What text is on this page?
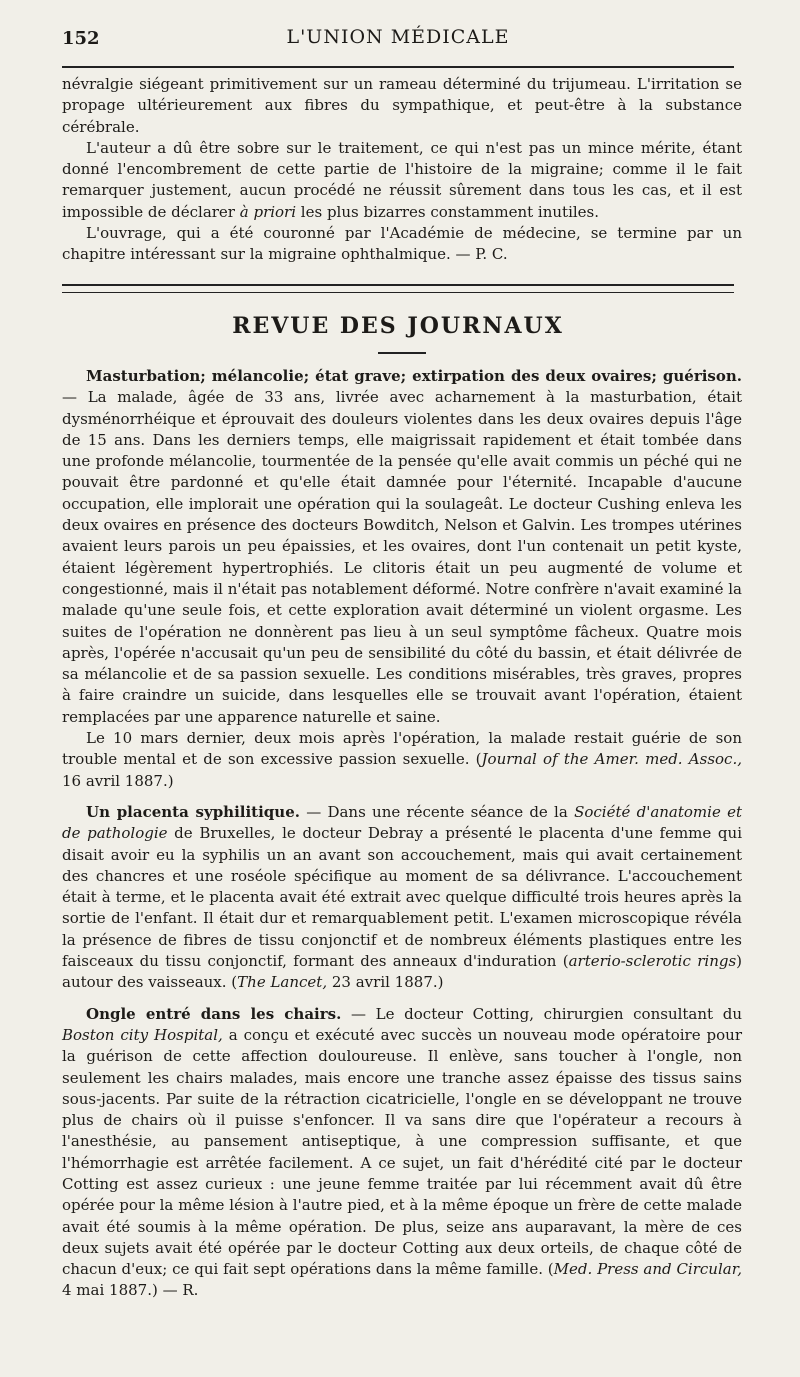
152	L'UNION MÉDICALE

névralgie siégeant primitivement sur un rameau déterminé du trijumeau. L'irritation se propage ultérieurement aux fibres du sympathique, et peut-être à la substance cérébrale.

L'auteur a dû être sobre sur le traitement, ce qui n'est pas un mince mérite, étant donné l'encombrement de cette partie de l'histoire de la migraine; comme il le fait remarquer justement, aucun procédé ne réussit sûrement dans tous les cas, et il est impossible de déclarer à priori les plus bizarres constamment inutiles.

L'ouvrage, qui a été couronné par l'Académie de médecine, se termine par un chapitre intéressant sur la migraine ophthalmique. — P. C.

REVUE DES JOURNAUX

Masturbation; mélancolie; état grave; extirpation des deux ovaires; guérison. — La malade, âgée de 33 ans, livrée avec acharnement à la masturbation, était dysménorrhéique et éprouvait des douleurs violentes dans les deux ovaires depuis l'âge de 15 ans. Dans les derniers temps, elle maigrissait rapidement et était tombée dans une profonde mélancolie, tourmentée de la pensée qu'elle avait commis un péché qui ne pouvait être pardonné et qu'elle était damnée pour l'éternité. Incapable d'aucune occupation, elle implorait une opération qui la soulageât. Le docteur Cushing enleva les deux ovaires en présence des docteurs Bowditch, Nelson et Galvin. Les trompes utérines avaient leurs parois un peu épaissies, et les ovaires, dont l'un contenait un petit kyste, étaient légèrement hypertrophiés. Le clitoris était un peu augmenté de volume et congestionné, mais il n'était pas notablement déformé. Notre confrère n'avait examiné la malade qu'une seule fois, et cette exploration avait déterminé un violent orgasme. Les suites de l'opération ne donnèrent pas lieu à un seul symptôme fâcheux. Quatre mois après, l'opérée n'accusait qu'un peu de sensibilité du côté du bassin, et était délivrée de sa mélancolie et de sa passion sexuelle. Les conditions misérables, très graves, propres à faire craindre un suicide, dans lesquelles elle se trouvait avant l'opération, étaient remplacées par une apparence naturelle et saine.

Le 10 mars dernier, deux mois après l'opération, la malade restait guérie de son trouble mental et de son excessive passion sexuelle. (Journal of the Amer. med. Assoc., 16 avril 1887.)

Un placenta syphilitique. — Dans une récente séance de la Société d'anatomie et de pathologie de Bruxelles, le docteur Debray a présenté le placenta d'une femme qui disait avoir eu la syphilis un an avant son accouchement, mais qui avait certainement des chancres et une roséole spécifique au moment de sa délivrance. L'accouchement était à terme, et le placenta avait été extrait avec quelque difficulté trois heures après la sortie de l'enfant. Il était dur et remarquablement petit. L'examen microscopique révéla la présence de fibres de tissu conjonctif et de nombreux éléments plastiques entre les faisceaux du tissu conjonctif, formant des anneaux d'induration (arterio-sclerotic rings) autour des vaisseaux. (The Lancet, 23 avril 1887.)

Ongle entré dans les chairs. — Le docteur Cotting, chirurgien consultant du Boston city Hospital, a conçu et exécuté avec succès un nouveau mode opératoire pour la guérison de cette affection douloureuse. Il enlève, sans toucher à l'ongle, non seulement les chairs malades, mais encore une tranche assez épaisse des tissus sains sous-jacents. Par suite de la rétraction cicatricielle, l'ongle en se développant ne trouve plus de chairs où il puisse s'enfoncer. Il va sans dire que l'opérateur a recours à l'anesthésie, au pansement antiseptique, à une compression suffisante, et que l'hémorrhagie est arrêtée facilement. A ce sujet, un fait d'hérédité cité par le docteur Cotting est assez curieux : une jeune femme traitée par lui récemment avait dû être opérée pour la même lésion à l'autre pied, et à la même époque un frère de cette malade avait été soumis à la même opération. De plus, seize ans auparavant, la mère de ces deux sujets avait été opérée par le docteur Cotting aux deux orteils, de chaque côté de chacun d'eux; ce qui fait sept opérations dans la même famille. (Med. Press and Circular, 4 mai 1887.) — R.
